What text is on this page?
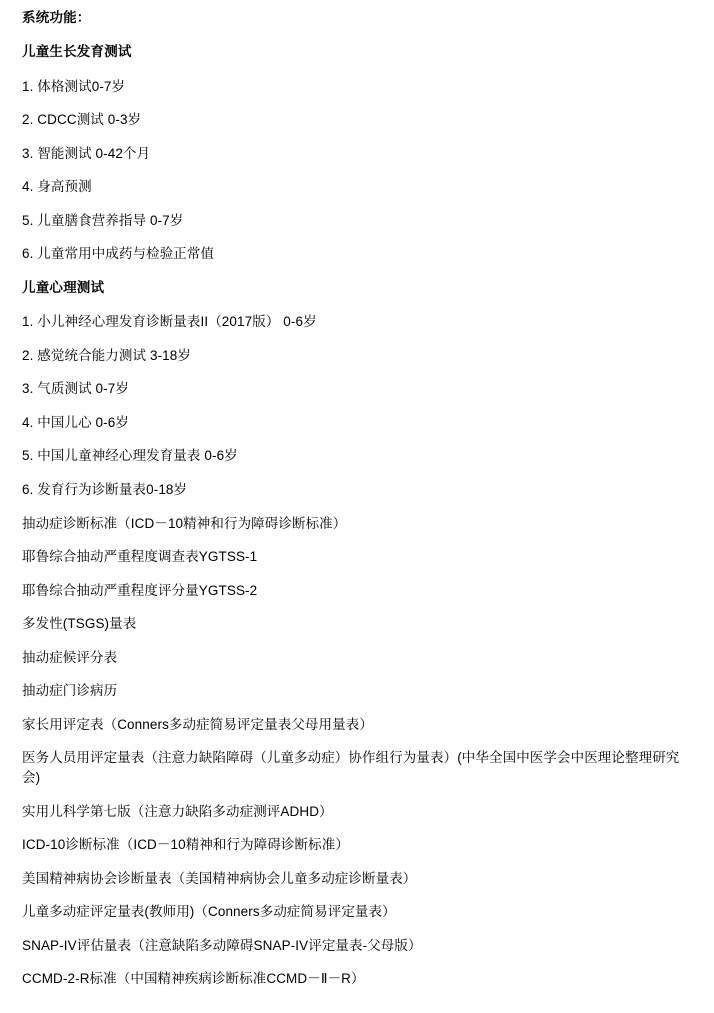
系统功能：
儿童生长发育测试
1. 体格测试0-7岁
2. CDCC测试 0-3岁
3. 智能测试 0-42个月
4. 身高预测
5. 儿童膳食营养指导 0-7岁
6. 儿童常用中成药与检验正常值
儿童心理测试
1. 小儿神经心理发育诊断量表II（2017版） 0-6岁
2. 感觉统合能力测试 3-18岁
3. 气质测试 0-7岁
4. 中国儿心 0-6岁
5. 中国儿童神经心理发育量表 0-6岁
6. 发育行为诊断量表0-18岁
抽动症诊断标准（ICD－10精神和行为障碍诊断标准）
耶鲁综合抽动严重程度调查表YGTSS-1
耶鲁综合抽动严重程度评分量YGTSS-2
多发性(TSGS)量表
抽动症候评分表
抽动症门诊病历
家长用评定表（Conners多动症简易评定量表父母用量表）
医务人员用评定量表（注意力缺陷障碍（儿童多动症）协作组行为量表）(中华全国中医学会中医理论整理研究会)
实用儿科学第七版（注意力缺陷多动症测评ADHD）
ICD-10诊断标准（ICD－10精神和行为障碍诊断标准）
美国精神病协会诊断量表（美国精神病协会儿童多动症诊断量表）
儿童多动症评定量表(教师用)（Conners多动症简易评定量表）
SNAP-IV评估量表（注意缺陷多动障碍SNAP-IV评定量表-父母版）
CCMD-2-R标准（中国精神疾病诊断标准CCMD－Ⅱ－R）
